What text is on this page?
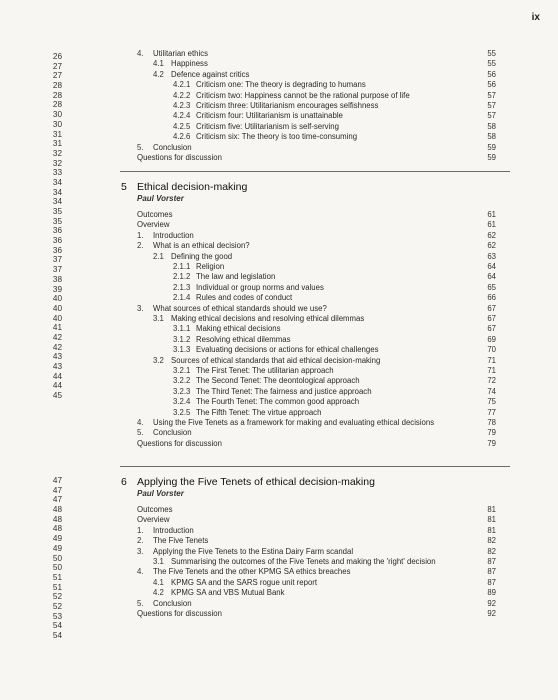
ix
26
27
27
28
28
28
30
30
31
31
32
32
33
34
34
34
35
35
36
36
36
37
37
38
39
40
40
40
41
42
42
43
43
44
44
45
47
47
47
48
48
48
49
49
50
50
51
51
52
52
53
54
54
4. Utilitarian ethics	55
4.1 Happiness	55
4.2 Defence against critics	56
4.2.1 Criticism one: The theory is degrading to humans	56
4.2.2 Criticism two: Happiness cannot be the rational purpose of life	57
4.2.3 Criticism three: Utilitarianism encourages selfishness	57
4.2.4 Criticism four: Utilitarianism is unattainable	57
4.2.5 Criticism five: Utilitarianism is self-serving	58
4.2.6 Criticism six: The theory is too time-consuming	58
5. Conclusion	59
Questions for discussion	59
5 Ethical decision-making
Paul Vorster
Outcomes	61
Overview	61
1. Introduction	62
2. What is an ethical decision?	62
2.1 Defining the good	63
2.1.1 Religion	64
2.1.2 The law and legislation	64
2.1.3 Individual or group norms and values	65
2.1.4 Rules and codes of conduct	66
3. What sources of ethical standards should we use?	67
3.1 Making ethical decisions and resolving ethical dilemmas	67
3.1.1 Making ethical decisions	67
3.1.2 Resolving ethical dilemmas	69
3.1.3 Evaluating decisions or actions for ethical challenges	70
3.2 Sources of ethical standards that aid ethical decision-making	71
3.2.1 The First Tenet: The utilitarian approach	71
3.2.2 The Second Tenet: The deontological approach	72
3.2.3 The Third Tenet: The fairness and justice approach	74
3.2.4 The Fourth Tenet: The common good approach	75
3.2.5 The Fifth Tenet: The virtue approach	77
4. Using the Five Tenets as a framework for making and evaluating ethical decisions	78
5. Conclusion	79
Questions for discussion	79
6 Applying the Five Tenets of ethical decision-making
Paul Vorster
Outcomes	81
Overview	81
1. Introduction	81
2. The Five Tenets	82
3. Applying the Five Tenets to the Estina Dairy Farm scandal	82
3.1 Summarising the outcomes of the Five Tenets and making the 'right' decision	87
4. The Five Tenets and the other KPMG SA ethics breaches	87
4.1 KPMG SA and the SARS rogue unit report	87
4.2 KPMG SA and VBS Mutual Bank	89
5. Conclusion	92
Questions for discussion	92
